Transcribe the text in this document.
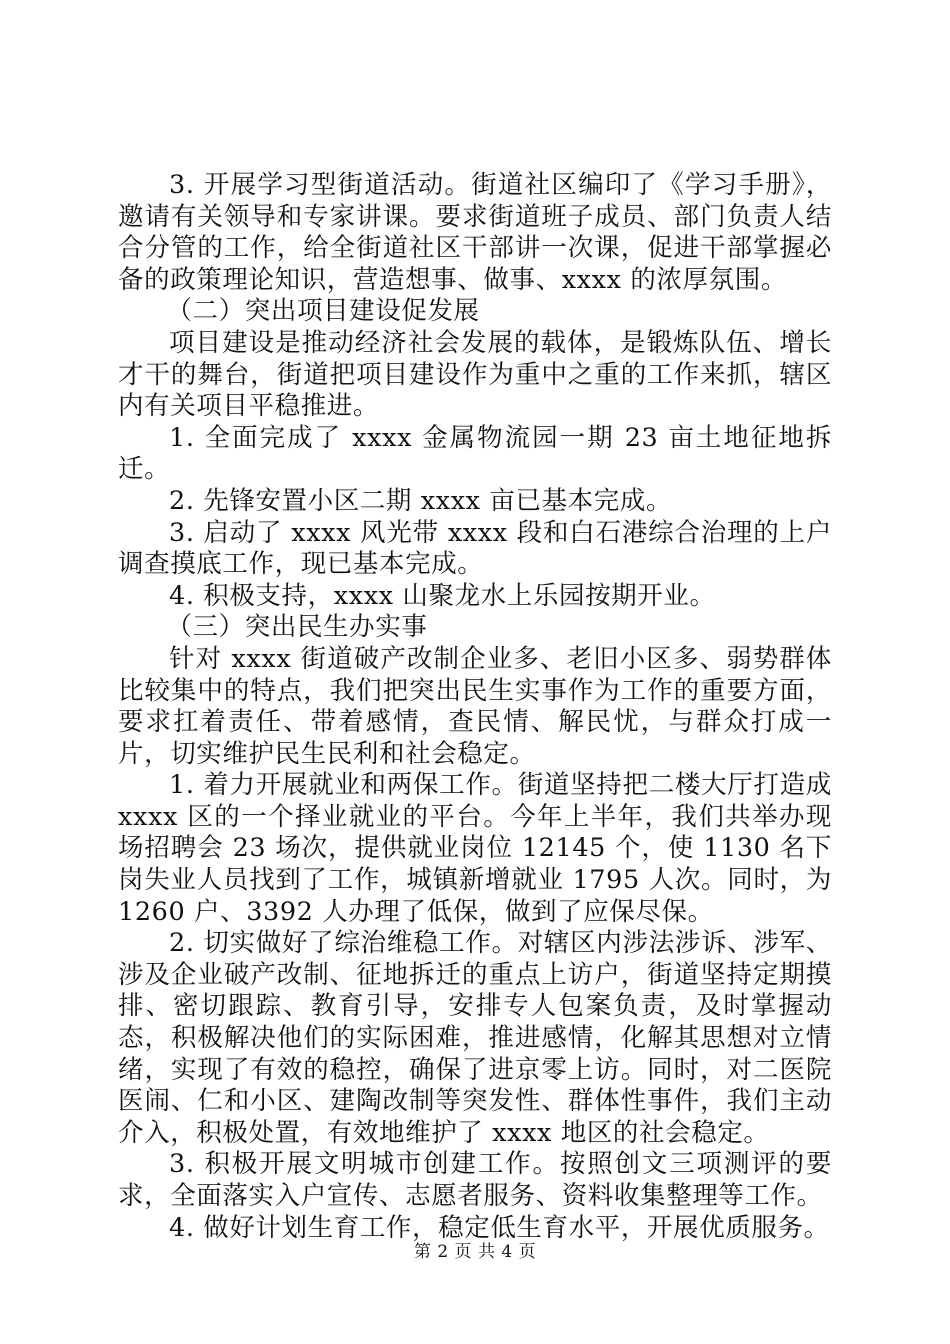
3. 开展学习型街道活动。街道社区编印了《学习手册》，邀请有关领导和专家讲课。要求街道班子成员、部门负责人结合分管的工作，给全街道社区干部讲一次课，促进干部掌握必备的政策理论知识，营造想事、做事、xxxx 的浓厚氛围。

（二）突出项目建设促发展

项目建设是推动经济社会发展的载体，是锻炼队伍、增长才干的舞台，街道把项目建设作为重中之重的工作来抓，辖区内有关项目平稳推进。

1. 全面完成了 xxxx 金属物流园一期 23 亩土地征地拆迁。

2. 先锋安置小区二期 xxxx 亩已基本完成。

3. 启动了 xxxx 风光带 xxxx 段和白石港综合治理的上户调查摸底工作，现已基本完成。

4. 积极支持，xxxx 山聚龙水上乐园按期开业。

（三）突出民生办实事

针对 xxxx 街道破产改制企业多、老旧小区多、弱势群体比较集中的特点，我们把突出民生实事作为工作的重要方面，要求扛着责任、带着感情，查民情、解民忧，与群众打成一片，切实维护民生民利和社会稳定。

1. 着力开展就业和两保工作。街道坚持把二楼大厅打造成 xxxx 区的一个择业就业的平台。今年上半年，我们共举办现场招聘会 23 场次，提供就业岗位 12145 个，使 1130 名下岗失业人员找到了工作，城镇新增就业 1795 人次。同时，为 1260 户、3392 人办理了低保，做到了应保尽保。

2. 切实做好了综治维稳工作。对辖区内涉法涉诉、涉军、涉及企业破产改制、征地拆迁的重点上访户，街道坚持定期摸排、密切跟踪、教育引导，安排专人包案负责，及时掌握动态，积极解决他们的实际困难，推进感情，化解其思想对立情绪，实现了有效的稳控，确保了进京零上访。同时，对二医院医闹、仁和小区、建陶改制等突发性、群体性事件，我们主动介入，积极处置，有效地维护了 xxxx 地区的社会稳定。

3. 积极开展文明城市创建工作。按照创文三项测评的要求，全面落实入户宣传、志愿者服务、资料收集整理等工作。

4. 做好计划生育工作，稳定低生育水平，开展优质服务。

第 2 页 共 4 页
